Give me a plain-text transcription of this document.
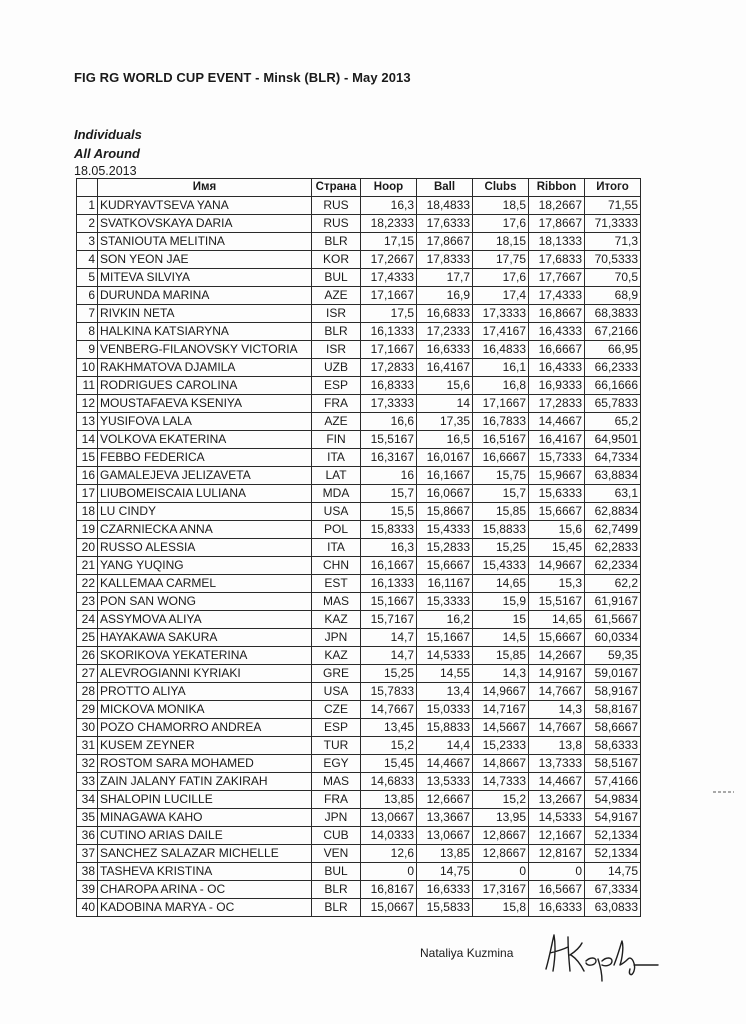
FIG RG WORLD CUP EVENT - Minsk (BLR) - May 2013
Individuals
All Around
18.05.2013
	Имя	Страна	Hoop	Ball	Clubs	Ribbon	Итого
1	KUDRYAVTSEVA YANA	RUS	16,3	18,4833	18,5	18,2667	71,55
2	SVATKOVSKAYA DARIA	RUS	18,2333	17,6333	17,6	17,8667	71,3333
3	STANIOUTA MELITINA	BLR	17,15	17,8667	18,15	18,1333	71,3
4	SON YEON JAE	KOR	17,2667	17,8333	17,75	17,6833	70,5333
5	MITEVA SILVIYA	BUL	17,4333	17,7	17,6	17,7667	70,5
6	DURUNDA MARINA	AZE	17,1667	16,9	17,4	17,4333	68,9
7	RIVKIN NETA	ISR	17,5	16,6833	17,3333	16,8667	68,3833
8	HALKINA KATSIARYNA	BLR	16,1333	17,2333	17,4167	16,4333	67,2166
9	VENBERG-FILANOVSKY VICTORIA	ISR	17,1667	16,6333	16,4833	16,6667	66,95
10	RAKHMATOVA DJAMILA	UZB	17,2833	16,4167	16,1	16,4333	66,2333
11	RODRIGUES CAROLINA	ESP	16,8333	15,6	16,8	16,9333	66,1666
12	MOUSTAFAEVA KSENIYA	FRA	17,3333	14	17,1667	17,2833	65,7833
13	YUSIFOVA LALA	AZE	16,6	17,35	16,7833	14,4667	65,2
14	VOLKOVA EKATERINA	FIN	15,5167	16,5	16,5167	16,4167	64,9501
15	FEBBO FEDERICA	ITA	16,3167	16,0167	16,6667	15,7333	64,7334
16	GAMALEJEVA JELIZAVETA	LAT	16	16,1667	15,75	15,9667	63,8834
17	LIUBOMEISCAIA LULIANA	MDA	15,7	16,0667	15,7	15,6333	63,1
18	LU CINDY	USA	15,5	15,8667	15,85	15,6667	62,8834
19	CZARNIECKA ANNA	POL	15,8333	15,4333	15,8833	15,6	62,7499
20	RUSSO ALESSIA	ITA	16,3	15,2833	15,25	15,45	62,2833
21	YANG YUQING	CHN	16,1667	15,6667	15,4333	14,9667	62,2334
22	KALLEMAA CARMEL	EST	16,1333	16,1167	14,65	15,3	62,2
23	PON SAN WONG	MAS	15,1667	15,3333	15,9	15,5167	61,9167
24	ASSYMOVA ALIYA	KAZ	15,7167	16,2	15	14,65	61,5667
25	HAYAKAWA SAKURA	JPN	14,7	15,1667	14,5	15,6667	60,0334
26	SKORIKOVA YEKATERINA	KAZ	14,7	14,5333	15,85	14,2667	59,35
27	ALEVROGIANNI KYRIAKI	GRE	15,25	14,55	14,3	14,9167	59,0167
28	PROTTO ALIYA	USA	15,7833	13,4	14,9667	14,7667	58,9167
29	MICKOVA MONIKA	CZE	14,7667	15,0333	14,7167	14,3	58,8167
30	POZO CHAMORRO ANDREA	ESP	13,45	15,8833	14,5667	14,7667	58,6667
31	KUSEM ZEYNER	TUR	15,2	14,4	15,2333	13,8	58,6333
32	ROSTOM SARA MOHAMED	EGY	15,45	14,4667	14,8667	13,7333	58,5167
33	ZAIN JALANY FATIN ZAKIRAH	MAS	14,6833	13,5333	14,7333	14,4667	57,4166
34	SHALOPIN LUCILLE	FRA	13,85	12,6667	15,2	13,2667	54,9834
35	MINAGAWA KAHO	JPN	13,0667	13,3667	13,95	14,5333	54,9167
36	CUTINO ARIAS DAILE	CUB	14,0333	13,0667	12,8667	12,1667	52,1334
37	SANCHEZ SALAZAR MICHELLE	VEN	12,6	13,85	12,8667	12,8167	52,1334
38	TASHEVA KRISTINA	BUL	0	14,75	0	0	14,75
39	CHAROPA ARINA - OC	BLR	16,8167	16,6333	17,3167	16,5667	67,3334
40	KADOBINA MARYA - OC	BLR	15,0667	15,5833	15,8	16,6333	63,0833
Nataliya Kuzmina
